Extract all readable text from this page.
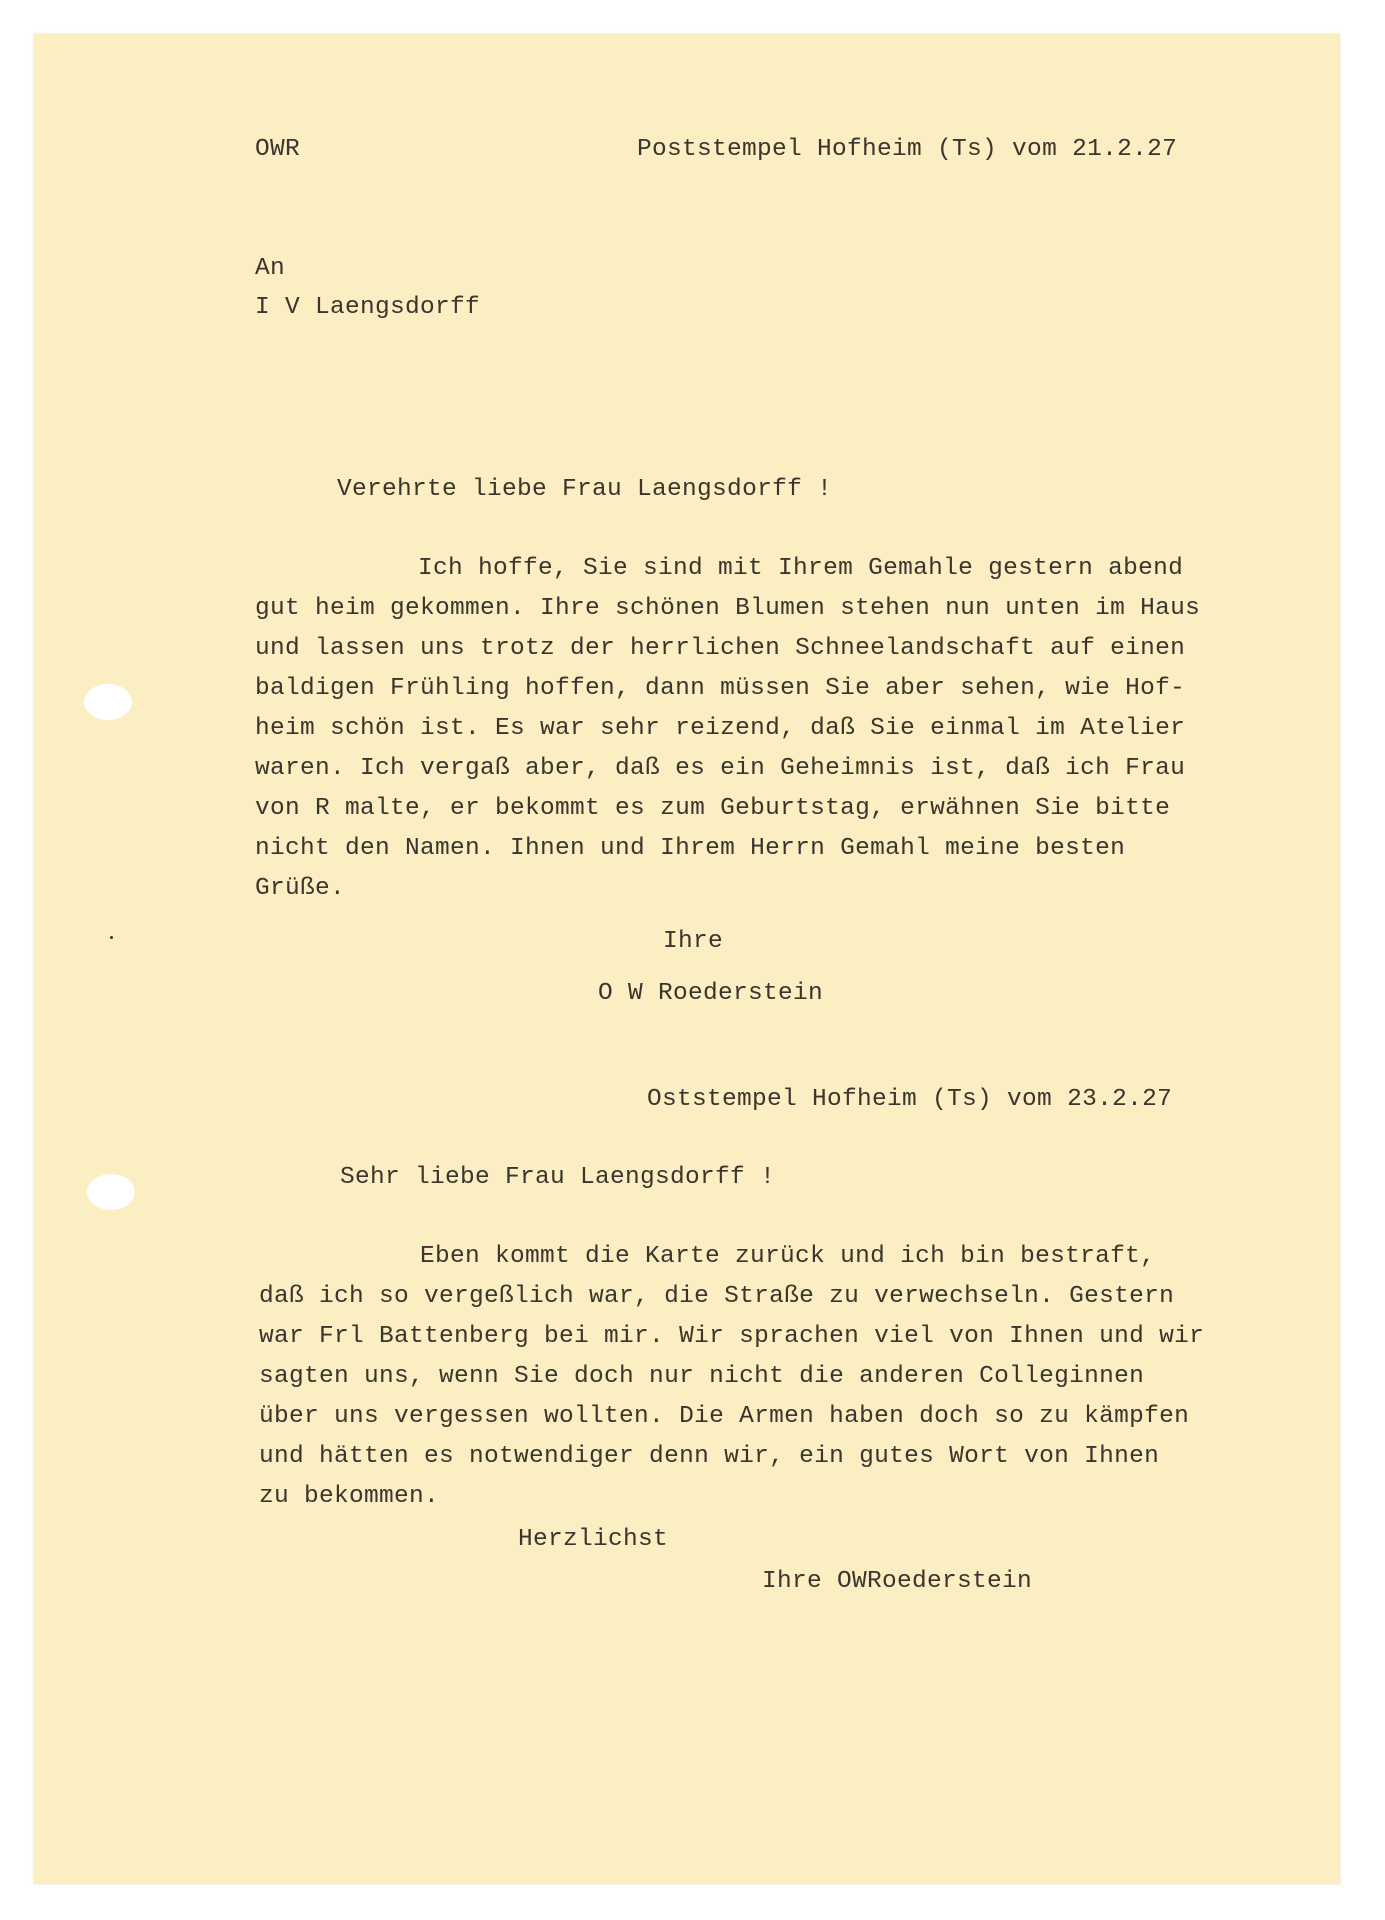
OWR	Poststempel Hofheim (Ts) vom 21.2.27
An
I V Laengsdorff
Verehrte liebe Frau Laengsdorff !
Ich hoffe, Sie sind mit Ihrem Gemahle gestern abend
gut heim gekommen. Ihre schönen Blumen stehen nun unten im Haus
und lassen uns trotz der herrlichen Schneelandschaft auf einen
baldigen Frühling hoffen, dann müssen Sie aber sehen, wie Hof-
heim schön ist. Es war sehr reizend, daß Sie einmal im Atelier
waren. Ich vergaß aber, daß es ein Geheimnis ist, daß ich Frau
von R malte, er bekommt es zum Geburtstag, erwähnen Sie bitte
nicht den Namen. Ihnen und Ihrem Herrn Gemahl meine besten
Grüße.
Ihre
O W Roederstein
Oststempel Hofheim (Ts) vom 23.2.27
Sehr liebe Frau Laengsdorff !
Eben kommt die Karte zurück und ich bin bestraft,
daß ich so vergeßlich war, die Straße zu verwechseln. Gestern
war Frl Battenberg bei mir. Wir sprachen viel von Ihnen und wir
sagten uns, wenn Sie doch nur nicht die anderen Colleginnen
über uns vergessen wollten. Die Armen haben doch so zu kämpfen
und hätten es notwendiger denn wir, ein gutes Wort von Ihnen
zu bekommen.
Herzlichst
Ihre OWRoederstein
